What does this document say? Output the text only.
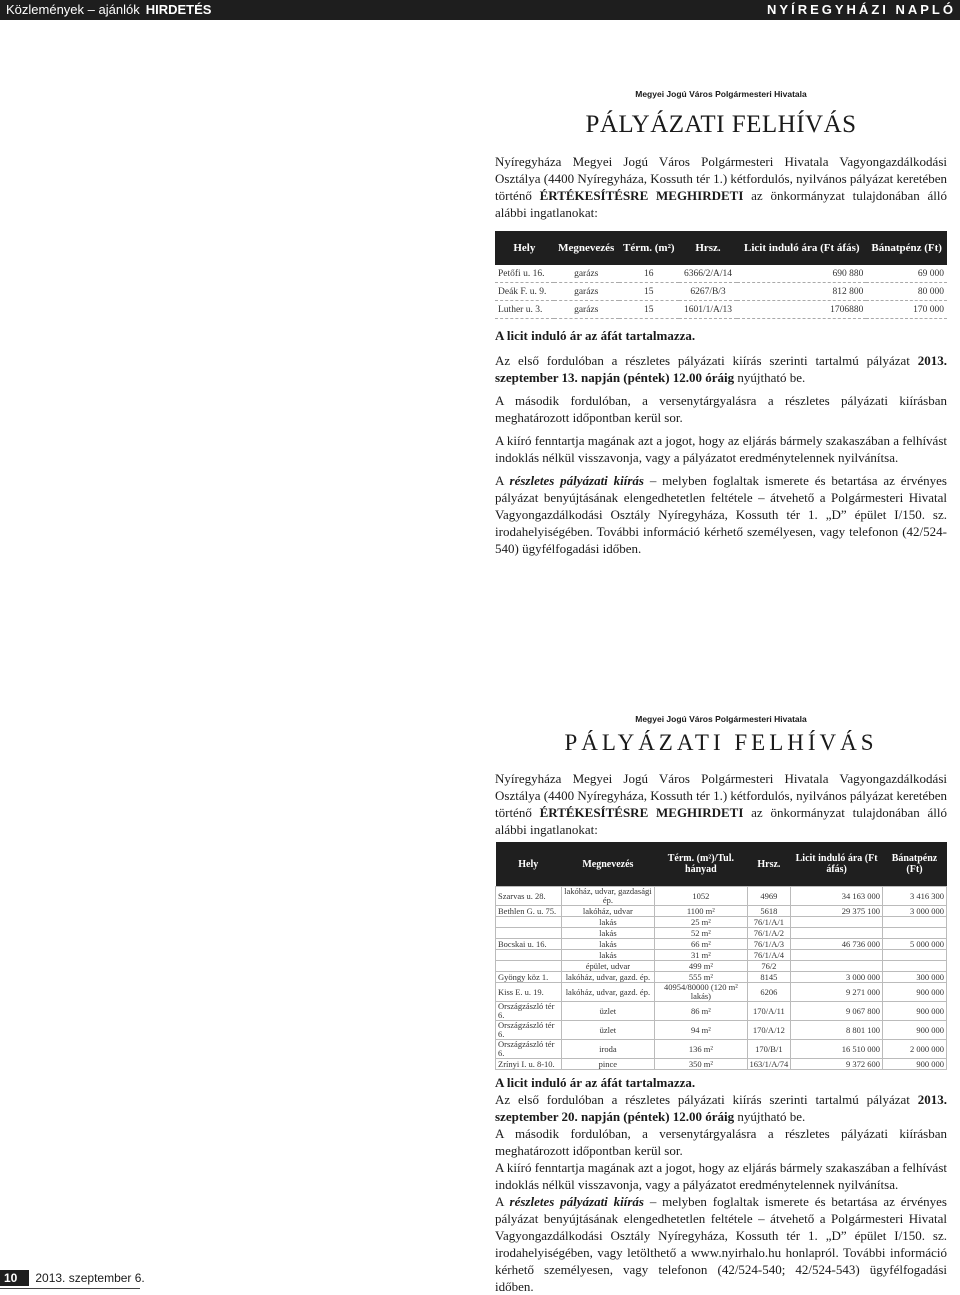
Közlemények – ajánlók HIRDETÉS	NYÍREGYHÁZI NAPLÓ
Megyei Jogú Város Polgármesteri Hivatala
PÁLYÁZATI FELHÍVÁS

Nyíregyháza Megyei Jogú Város Polgármesteri Hivatala Vagyongazdálkodási Osztálya (4400 Nyíregyháza, Kossuth tér 1.) kétfordulós, nyilvános pályázat keretében történő ÉRTÉKESÍTÉSRE MEGHIRDETI az önkormányzat tulajdonában álló alábbi ingatlanokat:

Hely	Megnevezés	Térm. (m²)	Hrsz.	Licit induló ára (Ft áfás)	Bánatpénz (Ft)
Petőfi u. 16.	garázs	16	6366/2/A/14	690 880	69 000
Deák F. u. 9.	garázs	15	6267/B/3	812 800	80 000
Luther u. 3.	garázs	15	1601/1/A/13	1706880	170 000

A licit induló ár az áfát tartalmazza.

Az első fordulóban a részletes pályázati kiírás szerinti tartalmú pályázat 2013. szeptember 13. napján (péntek) 12.00 óráig nyújtható be.

A második fordulóban, a versenytárgyalásra a részletes pályázati kiírásban meghatározott időpontban kerül sor.

A kiíró fenntartja magának azt a jogot, hogy az eljárás bármely szakaszában a felhívást indoklás nélkül visszavonja, vagy a pályázatot eredménytelennek nyilvánítsa.

A részletes pályázati kiírás – melyben foglaltak ismerete és betartása az érvényes pályázat benyújtásának elengedhetetlen feltétele – átvehető a Polgármesteri Hivatal Vagyongazdálkodási Osztály Nyíregyháza, Kossuth tér 1. „D” épület I/150. sz. irodahelyiségében. További információ kérhető személyesen, vagy telefonon (42/524-540) ügyfélfogadási időben.

Megyei Jogú Város Polgármesteri Hivatala
PÁLYÁZATI FELHÍVÁS

Nyíregyháza Megyei Jogú Város Polgármesteri Hivatala Vagyongazdálkodási Osztálya (4400 Nyíregyháza, Kossuth tér 1.) kétfordulós, nyilvános pályázat keretében történő ÉRTÉKESÍTÉSRE MEGHIRDETI az önkormányzat tulajdonában álló alábbi ingatlanokat:

Hely	Megnevezés	Térm. (m²)/Tul. hányad	Hrsz.	Licit induló ára (Ft áfás)	Bánatpénz (Ft)
Szarvas u. 28.	lakóház, udvar, gazdasági ép.	1052	4969	34 163 000	3 416 300
Bethlen G. u. 75.	lakóház, udvar	1100 m²	5618	29 375 100	3 000 000
	lakás	25 m²	76/1/A/1		
	lakás	52 m²	76/1/A/2		
Bocskai u. 16.	lakás	66 m²	76/1/A/3	46 736 000	5 000 000
	lakás	31 m²	76/1/A/4		
	épület, udvar	499 m²	76/2		
Gyöngy köz 1.	lakóház, udvar, gazd. ép.	555 m²	8145	3 000 000	300 000
Kiss E. u. 19.	lakóház, udvar, gazd. ép.	40954/80000 (120 m² lakás)	6206	9 271 000	900 000
Országzászló tér 6.	üzlet	86 m²	170/A/11	9 067 800	900 000
Országzászló tér 6.	üzlet	94 m²	170/A/12	8 801 100	900 000
Országzászló tér 6.	iroda	136 m²	170/B/1	16 510 000	2 000 000
Zrínyi I. u. 8-10.	pince	350 m²	163/1/A/74	9 372 600	900 000

A licit induló ár az áfát tartalmazza.

Az első fordulóban a részletes pályázati kiírás szerinti tartalmú pályázat 2013. szeptember 20. napján (péntek) 12.00 óráig nyújtható be.

A második fordulóban, a versenytárgyalásra a részletes pályázati kiírásban meghatározott időpontban kerül sor.

A kiíró fenntartja magának azt a jogot, hogy az eljárás bármely szakaszában a felhívást indoklás nélkül visszavonja, vagy a pályázatot eredménytelennek nyilvánítsa.

A részletes pályázati kiírás – melyben foglaltak ismerete és betartása az érvényes pályázat benyújtásának elengedhetetlen feltétele – átvehető a Polgármesteri Hivatal Vagyongazdálkodási Osztály Nyíregyháza, Kossuth tér 1. „D” épület I/150. sz. irodahelyiségében, vagy letölthető a www.nyirhalo.hu honlapról. További információ kérhető személyesen, vagy telefonon (42/524-540; 42/524-543) ügyfélfogadási időben.

10 2013. szeptember 6.
